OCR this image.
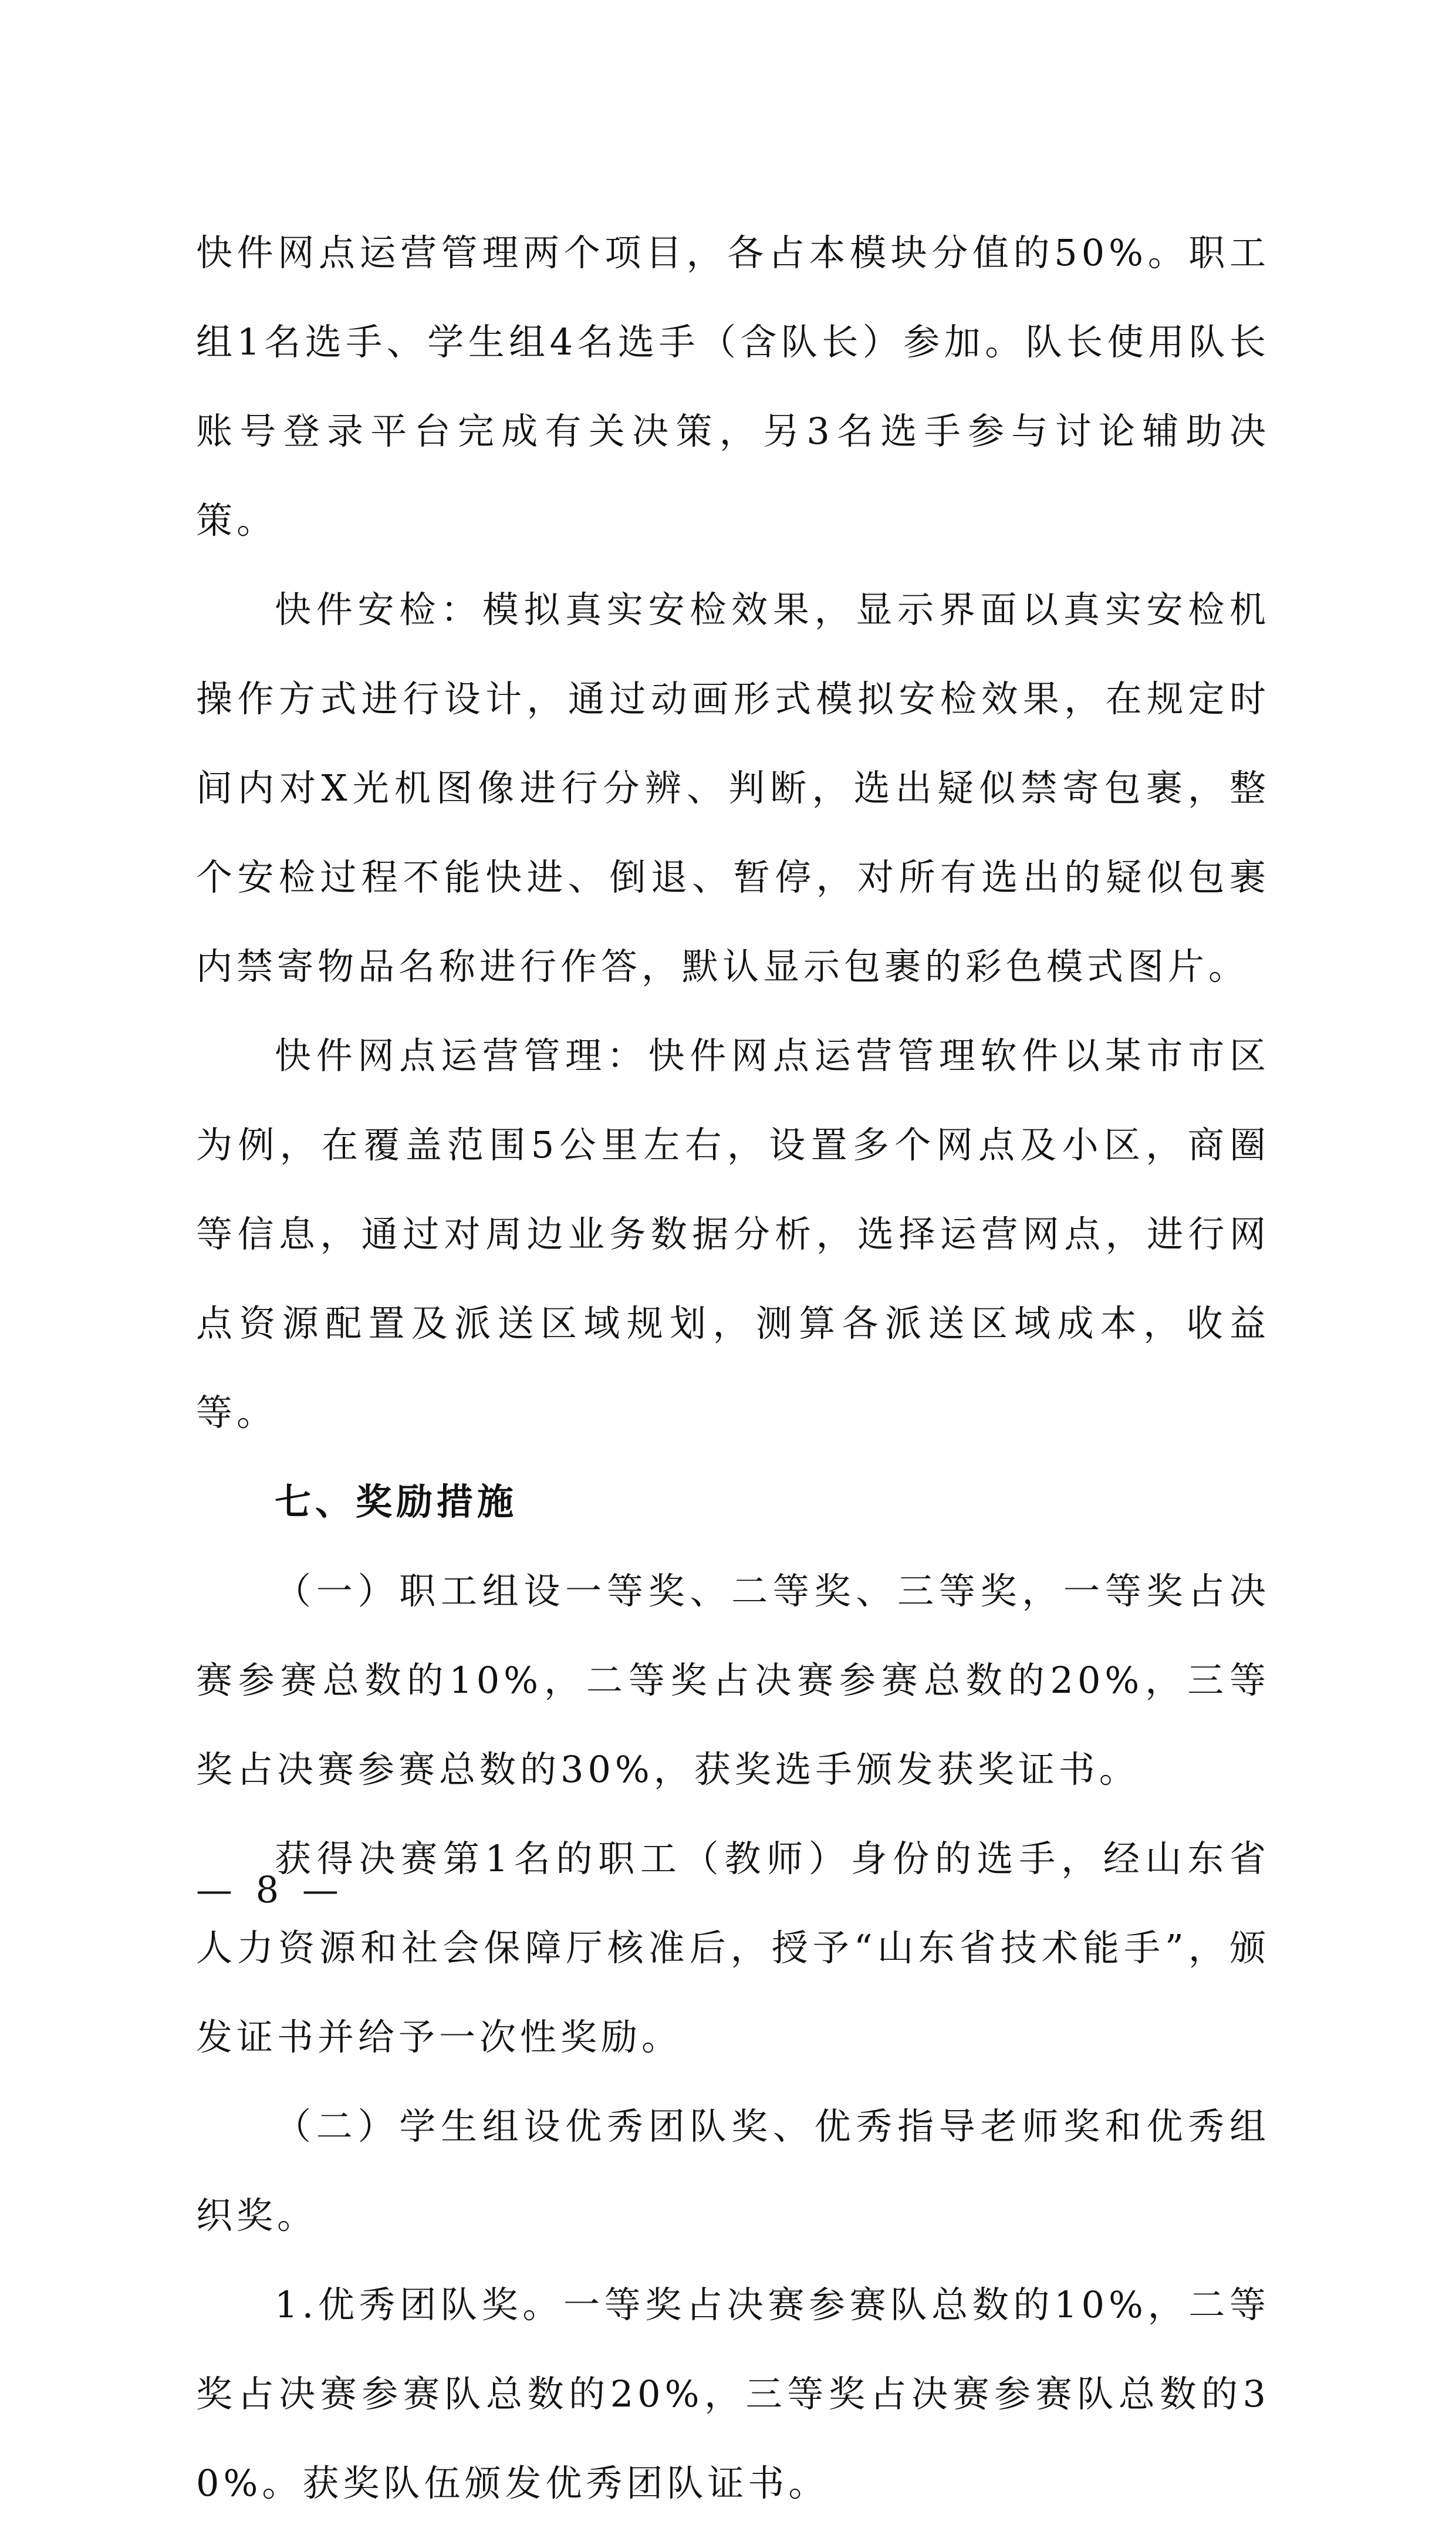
快件网点运营管理两个项目，各占本模块分值的50%。职工组1名选手、学生组4名选手（含队长）参加。队长使用队长账号登录平台完成有关决策，另3名选手参与讨论辅助决策。

快件安检：模拟真实安检效果，显示界面以真实安检机操作方式进行设计，通过动画形式模拟安检效果，在规定时间内对X光机图像进行分辨、判断，选出疑似禁寄包裹，整个安检过程不能快进、倒退、暂停，对所有选出的疑似包裹内禁寄物品名称进行作答，默认显示包裹的彩色模式图片。

快件网点运营管理：快件网点运营管理软件以某市市区为例，在覆盖范围5公里左右，设置多个网点及小区，商圈等信息，通过对周边业务数据分析，选择运营网点，进行网点资源配置及派送区域规划，测算各派送区域成本，收益等。

七、奖励措施

（一）职工组设一等奖、二等奖、三等奖，一等奖占决赛参赛总数的10%，二等奖占决赛参赛总数的20%，三等奖占决赛参赛总数的30%，获奖选手颁发获奖证书。

获得决赛第1名的职工（教师）身份的选手，经山东省人力资源和社会保障厅核准后，授予“山东省技术能手”，颁发证书并给予一次性奖励。

（二）学生组设优秀团队奖、优秀指导老师奖和优秀组织奖。

1.优秀团队奖。一等奖占决赛参赛队总数的10%，二等奖占决赛参赛队总数的20%，三等奖占决赛参赛队总数的30%。获奖队伍颁发优秀团队证书。

— 8 —
